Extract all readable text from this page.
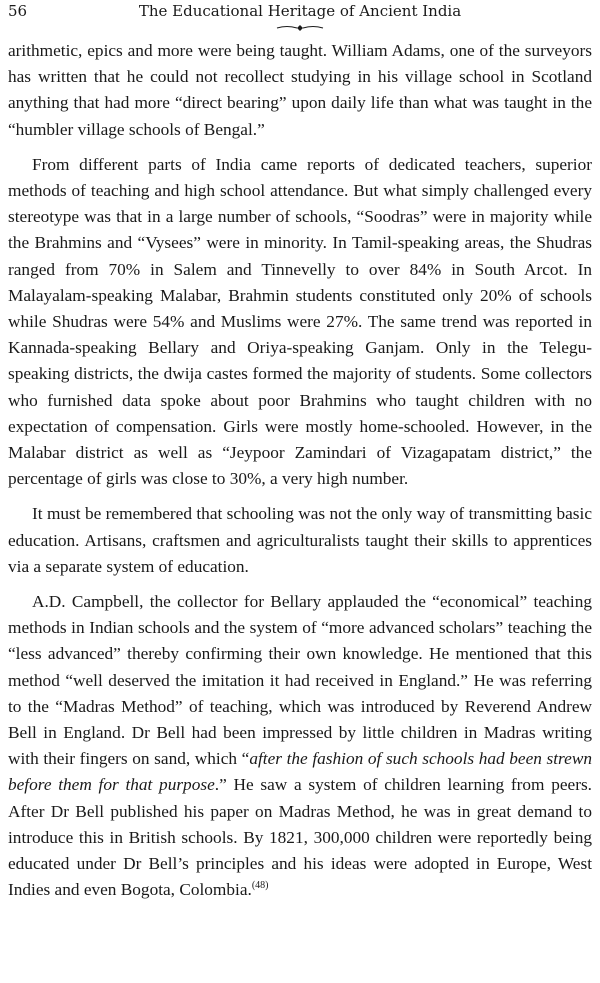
56	The Educational Heritage of Ancient India

arithmetic, epics and more were being taught. William Adams, one of the surveyors has written that he could not recollect studying in his village school in Scotland anything that had more “direct bearing” upon daily life than what was taught in the “humbler village schools of Bengal.”

From different parts of India came reports of dedicated teachers, superior methods of teaching and high school attendance. But what simply challenged every stereotype was that in a large number of schools, “Soodras” were in majority while the Brahmins and “Vysees” were in minority. In Tamil-speaking areas, the Shudras ranged from 70% in Salem and Tinnevelly to over 84% in South Arcot. In Malayalam-speaking Malabar, Brahmin students constituted only 20% of schools while Shudras were 54% and Muslims were 27%. The same trend was reported in Kannada-speaking Bellary and Oriya-speaking Ganjam. Only in the Telegu-speaking districts, the dwija castes formed the majority of students. Some collectors who furnished data spoke about poor Brahmins who taught children with no expectation of compensation. Girls were mostly home-schooled. However, in the Malabar district as well as “Jeypoor Zamindari of Vizagapatam district,” the percentage of girls was close to 30%, a very high number.

It must be remembered that schooling was not the only way of transmitting basic education. Artisans, craftsmen and agriculturalists taught their skills to apprentices via a separate system of education.

A.D. Campbell, the collector for Bellary applauded the “economical” teaching methods in Indian schools and the system of “more advanced scholars” teaching the “less advanced” thereby confirming their own knowledge. He mentioned that this method “well deserved the imitation it had received in England.” He was referring to the “Madras Method” of teaching, which was introduced by Reverend Andrew Bell in England. Dr Bell had been impressed by little children in Madras writing with their fingers on sand, which “after the fashion of such schools had been strewn before them for that purpose.” He saw a system of children learning from peers. After Dr Bell published his paper on Madras Method, he was in great demand to introduce this in British schools. By 1821, 300,000 children were reportedly being educated under Dr Bell’s principles and his ideas were adopted in Europe, West Indies and even Bogota, Colombia.$^{(48)}$
